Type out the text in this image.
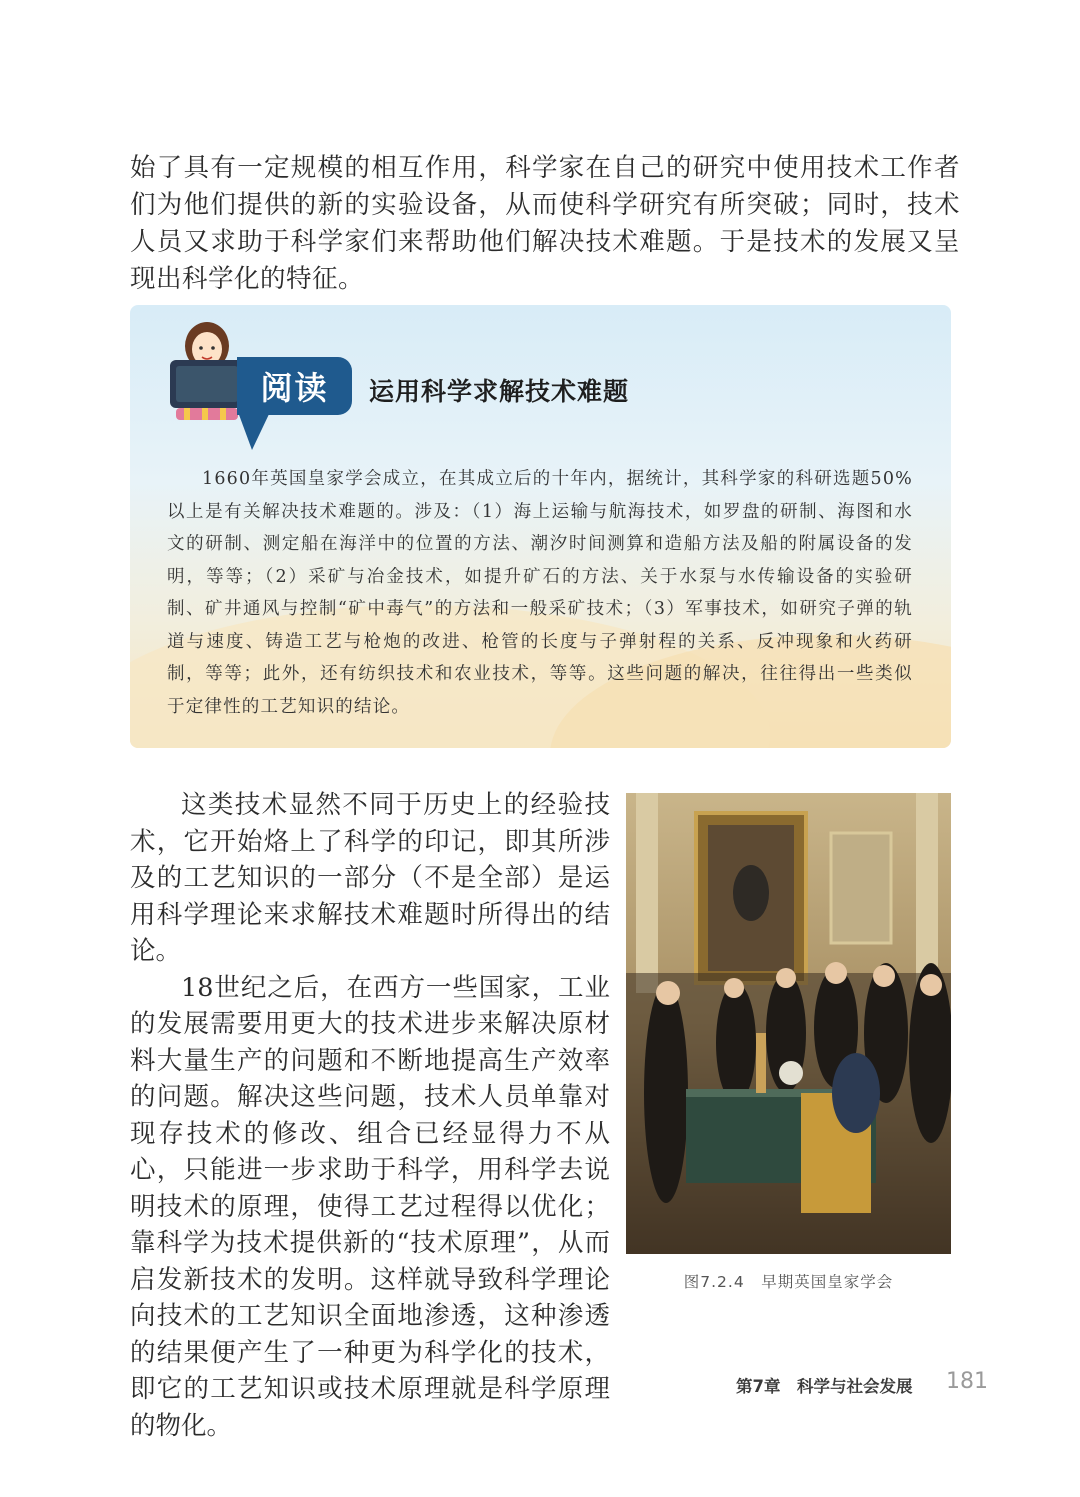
始了具有一定规模的相互作用，科学家在自己的研究中使用技术工作者们为他们提供的新的实验设备，从而使科学研究有所突破；同时，技术人员又求助于科学家们来帮助他们解决技术难题。于是技术的发展又呈现出科学化的特征。
阅读 运用科学求解技术难题

1660年英国皇家学会成立，在其成立后的十年内，据统计，其科学家的科研选题50%以上是有关解决技术难题的。涉及：（1）海上运输与航海技术，如罗盘的研制、海图和水文的研制、测定船在海洋中的位置的方法、潮汐时间测算和造船方法及船的附属设备的发明，等等；（2）采矿与冶金技术，如提升矿石的方法、关于水泵与水传输设备的实验研制、矿井通风与控制“矿中毒气”的方法和一般采矿技术；（3）军事技术，如研究子弹的轨道与速度、铸造工艺与枪炮的改进、枪管的长度与子弹射程的关系、反冲现象和火药研制，等等；此外，还有纺织技术和农业技术，等等。这些问题的解决，往往得出一些类似于定律性的工艺知识的结论。

这类技术显然不同于历史上的经验技术，它开始烙上了科学的印记，即其所涉及的工艺知识的一部分（不是全部）是运用科学理论来求解技术难题时所得出的结论。

18世纪之后，在西方一些国家，工业的发展需要用更大的技术进步来解决原材料大量生产的问题和不断地提高生产效率的问题。解决这些问题，技术人员单靠对现存技术的修改、组合已经显得力不从心，只能进一步求助于科学，用科学去说明技术的原理，使得工艺过程得以优化；靠科学为技术提供新的“技术原理”，从而启发新技术的发明。这样就导致科学理论向技术的工艺知识全面地渗透，这种渗透的结果便产生了一种更为科学化的技术，即它的工艺知识或技术原理就是科学原理的物化。

图7.2.4　早期英国皇家学会
第7章　科学与社会发展 181
